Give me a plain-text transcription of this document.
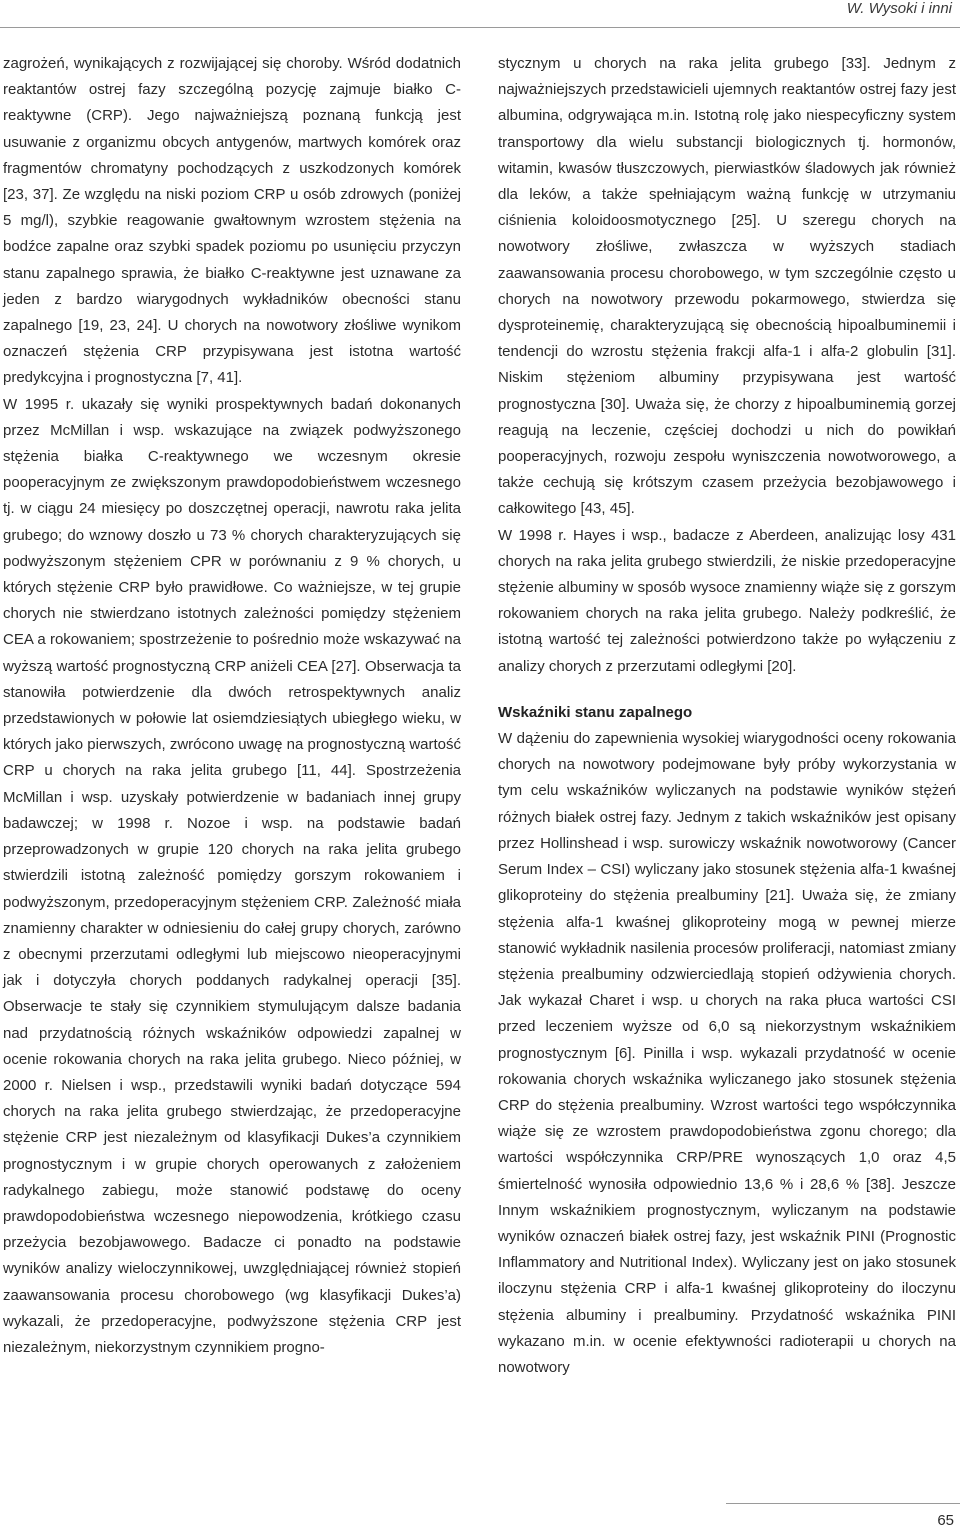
W. Wysoki i inni

zagrożeń, wynikających z rozwijającej się choroby. Wśród dodatnich reaktantów ostrej fazy szczególną pozycję zajmuje białko C-reaktywne (CRP). Jego najważniejszą poznaną funkcją jest usuwanie z organizmu obcych antygenów, martwych komórek oraz fragmentów chromatyny pochodzących z uszkodzonych komórek [23, 37]. Ze względu na niski poziom CRP u osób zdrowych (poniżej 5 mg/l), szybkie reagowanie gwałtownym wzrostem stężenia na bodźce zapalne oraz szybki spadek poziomu po usunięciu przyczyn stanu zapalnego sprawia, że białko C-reaktywne jest uznawane za jeden z bardzo wiarygodnych wykładników obecności stanu zapalnego [19, 23, 24]. U chorych na nowotwory złośliwe wynikom oznaczeń stężenia CRP przypisywana jest istotna wartość predykcyjna i prognostyczna [7, 41].

W 1995 r. ukazały się wyniki prospektywnych badań dokonanych przez McMillan i wsp. wskazujące na związek podwyższonego stężenia białka C-reaktywnego we wczesnym okresie pooperacyjnym ze zwiększonym prawdopodobieństwem wczesnego tj. w ciągu 24 miesięcy po doszczętnej operacji, nawrotu raka jelita grubego; do wznowy doszło u 73 % chorych charakteryzujących się podwyższonym stężeniem CPR w porównaniu z 9 % chorych, u których stężenie CRP było prawidłowe. Co ważniejsze, w tej grupie chorych nie stwierdzano istotnych zależności pomiędzy stężeniem CEA a rokowaniem; spostrzeżenie to pośrednio może wskazywać na wyższą wartość prognostyczną CRP aniżeli CEA [27]. Obserwacja ta stanowiła potwierdzenie dla dwóch retrospektywnych analiz przedstawionych w połowie lat osiemdziesiątych ubiegłego wieku, w których jako pierwszych, zwrócono uwagę na prognostyczną wartość CRP u chorych na raka jelita grubego [11, 44]. Spostrzeżenia McMillan i wsp. uzyskały potwierdzenie w badaniach innej grupy badawczej; w 1998 r. Nozoe i wsp. na podstawie badań przeprowadzonych w grupie 120 chorych na raka jelita grubego stwierdzili istotną zależność pomiędzy gorszym rokowaniem i podwyższonym, przedoperacyjnym stężeniem CRP. Zależność miała znamienny charakter w odniesieniu do całej grupy chorych, zarówno z obecnymi przerzutami odległymi lub miejscowo nieoperacyjnymi jak i dotyczyła chorych poddanych radykalnej operacji [35]. Obserwacje te stały się czynnikiem stymulującym dalsze badania nad przydatnością różnych wskaźników odpowiedzi zapalnej w ocenie rokowania chorych na raka jelita grubego. Nieco później, w 2000 r. Nielsen i wsp., przedstawili wyniki badań dotyczące 594 chorych na raka jelita grubego stwierdzając, że przedoperacyjne stężenie CRP jest niezależnym od klasyfikacji Dukes’a czynnikiem prognostycznym i w grupie chorych operowanych z założeniem radykalnego zabiegu, może stanowić podstawę do oceny prawdopodobieństwa wczesnego niepowodzenia, krótkiego czasu przeżycia bezobjawowego. Badacze ci ponadto na podstawie wyników analizy wieloczynnikowej, uwzględniającej również stopień zaawansowania procesu chorobowego (wg klasyfikacji Dukes’a) wykazali, że przedoperacyjne, podwyższone stężenia CRP jest niezależnym, niekorzystnym czynnikiem progno-

stycznym u chorych na raka jelita grubego [33]. Jednym z najważniejszych przedstawicieli ujemnych reaktantów ostrej fazy jest albumina, odgrywająca m.in. Istotną rolę jako niespecyficzny system transportowy dla wielu substancji biologicznych tj. hormonów, witamin, kwasów tłuszczowych, pierwiastków śladowych jak również dla leków, a także spełniającym ważną funkcję w utrzymaniu ciśnienia koloidoosmotycznego [25]. U szeregu chorych na nowotwory złośliwe, zwłaszcza w wyższych stadiach zaawansowania procesu chorobowego, w tym szczególnie często u chorych na nowotwory przewodu pokarmowego, stwierdza się dysproteinemię, charakteryzującą się obecnością hipoalbuminemii i tendencji do wzrostu stężenia frakcji alfa-1 i alfa-2 globulin [31]. Niskim stężeniom albuminy przypisywana jest wartość prognostyczna [30]. Uważa się, że chorzy z hipoalbuminemią gorzej reagują na leczenie, częściej dochodzi u nich do powikłań pooperacyjnych, rozwoju zespołu wyniszczenia nowotworowego, a także cechują się krótszym czasem przeżycia bezobjawowego i całkowitego [43, 45].

W 1998 r. Hayes i wsp., badacze z Aberdeen, analizując losy 431 chorych na raka jelita grubego stwierdzili, że niskie przedoperacyjne stężenie albuminy w sposób wysoce znamienny wiąże się z gorszym rokowaniem chorych na raka jelita grubego. Należy podkreślić, że istotną wartość tej zależności potwierdzono także po wyłączeniu z analizy chorych z przerzutami odległymi [20].

Wskaźniki stanu zapalnego

W dążeniu do zapewnienia wysokiej wiarygodności oceny rokowania chorych na nowotwory podejmowane były próby wykorzystania w tym celu wskaźników wyliczanych na podstawie wyników stężeń różnych białek ostrej fazy. Jednym z takich wskaźników jest opisany przez Hollinshead i wsp. surowiczy wskaźnik nowotworowy (Cancer Serum Index – CSI) wyliczany jako stosunek stężenia alfa-1 kwaśnej glikoproteiny do stężenia prealbuminy [21]. Uważa się, że zmiany stężenia alfa-1 kwaśnej glikoproteiny mogą w pewnej mierze stanowić wykładnik nasilenia procesów proliferacji, natomiast zmiany stężenia prealbuminy odzwierciedlają stopień odżywienia chorych. Jak wykazał Charet i wsp. u chorych na raka płuca wartości CSI przed leczeniem wyższe od 6,0 są niekorzystnym wskaźnikiem prognostycznym [6]. Pinilla i wsp. wykazali przydatność w ocenie rokowania chorych wskaźnika wyliczanego jako stosunek stężenia CRP do stężenia prealbuminy. Wzrost wartości tego współczynnika wiąże się ze wzrostem prawdopodobieństwa zgonu chorego; dla wartości współczynnika CRP/PRE wynoszących 1,0 oraz 4,5 śmiertelność wynosiła odpowiednio 13,6 % i 28,6 % [38]. Jeszcze Innym wskaźnikiem prognostycznym, wyliczanym na podstawie wyników oznaczeń białek ostrej fazy, jest wskaźnik PINI (Prognostic Inflammatory and Nutritional Index). Wyliczany jest on jako stosunek iloczynu stężenia CRP i alfa-1 kwaśnej glikoproteiny do iloczynu stężenia albuminy i prealbuminy. Przydatność wskaźnika PINI wykazano m.in. w ocenie efektywności radioterapii u chorych na nowotwory

65
